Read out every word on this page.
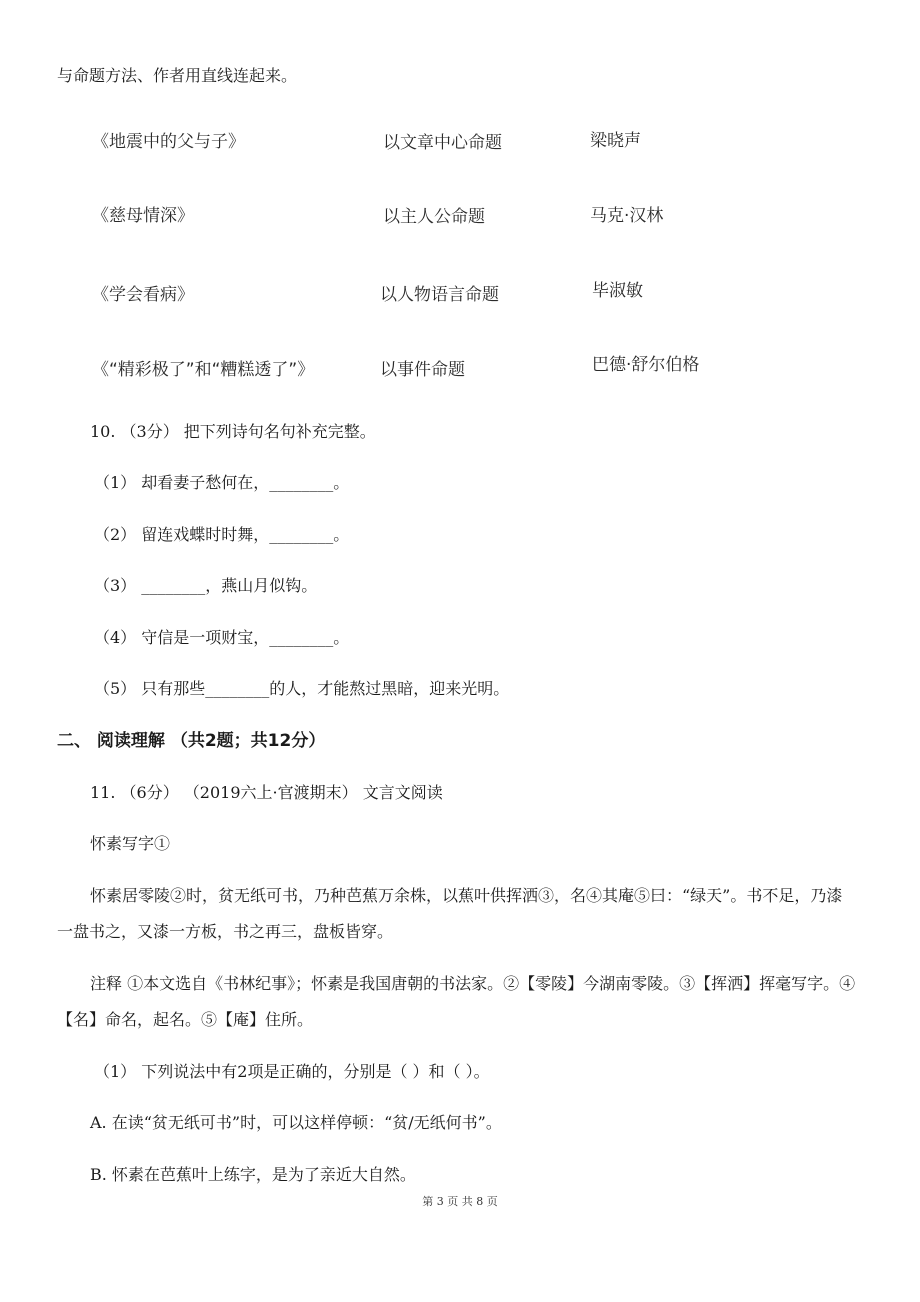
与命题方法、作者用直线连起来。
《地震中的父与子》
《慈母情深》
《学会看病》
《“精彩极了”和“糟糕透了”》
以文章中心命题
以主人公命题
以人物语言命题
以事件命题
梁晓声
马克·汉林
毕淑敏
巴德·舒尔伯格
10. （3分） 把下列诗句名句补充完整。
（1） 却看妻子愁何在，________。
（2） 留连戏蝶时时舞，________。
（3） ________，燕山月似钩。
（4） 守信是一项财宝，________。
（5） 只有那些________的人，才能熬过黑暗，迎来光明。
二、 阅读理解 （共2题；共12分）
11. （6分） （2019六上·官渡期末） 文言文阅读
怀素写字①
怀素居零陵②时，贫无纸可书，乃种芭蕉万余株，以蕉叶供挥洒③，名④其庵⑤曰：“绿天”。书不足，乃漆
一盘书之，又漆一方板，书之再三，盘板皆穿。
注释 ①本文选自《书林纪事》；怀素是我国唐朝的书法家。②【零陵】今湖南零陵。③【挥洒】挥毫写字。④
【名】命名，起名。⑤【庵】住所。
（1） 下列说法中有2项是正确的，分别是（ ）和（ ）。
A. 在读“贫无纸可书”时，可以这样停顿：“贫/无纸何书”。
B. 怀素在芭蕉叶上练字，是为了亲近大自然。
第 3 页 共 8 页
